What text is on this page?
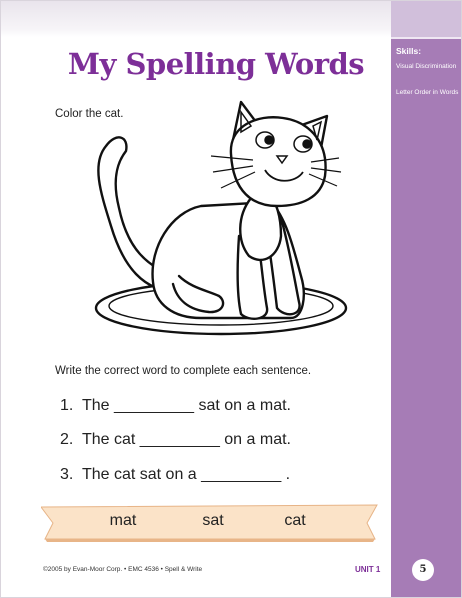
Skills:
Visual Discrimination
Letter Order in Words
My Spelling Words
Color the cat.
Write the correct word to complete each sentence.
1.  The _________ sat on a mat.
2.  The cat _________ on a mat.
3.  The cat sat on a _________ .
mat	sat	cat
©2005 by Evan-Moor Corp. • EMC 4536 • Spell & Write	UNIT 1	5
